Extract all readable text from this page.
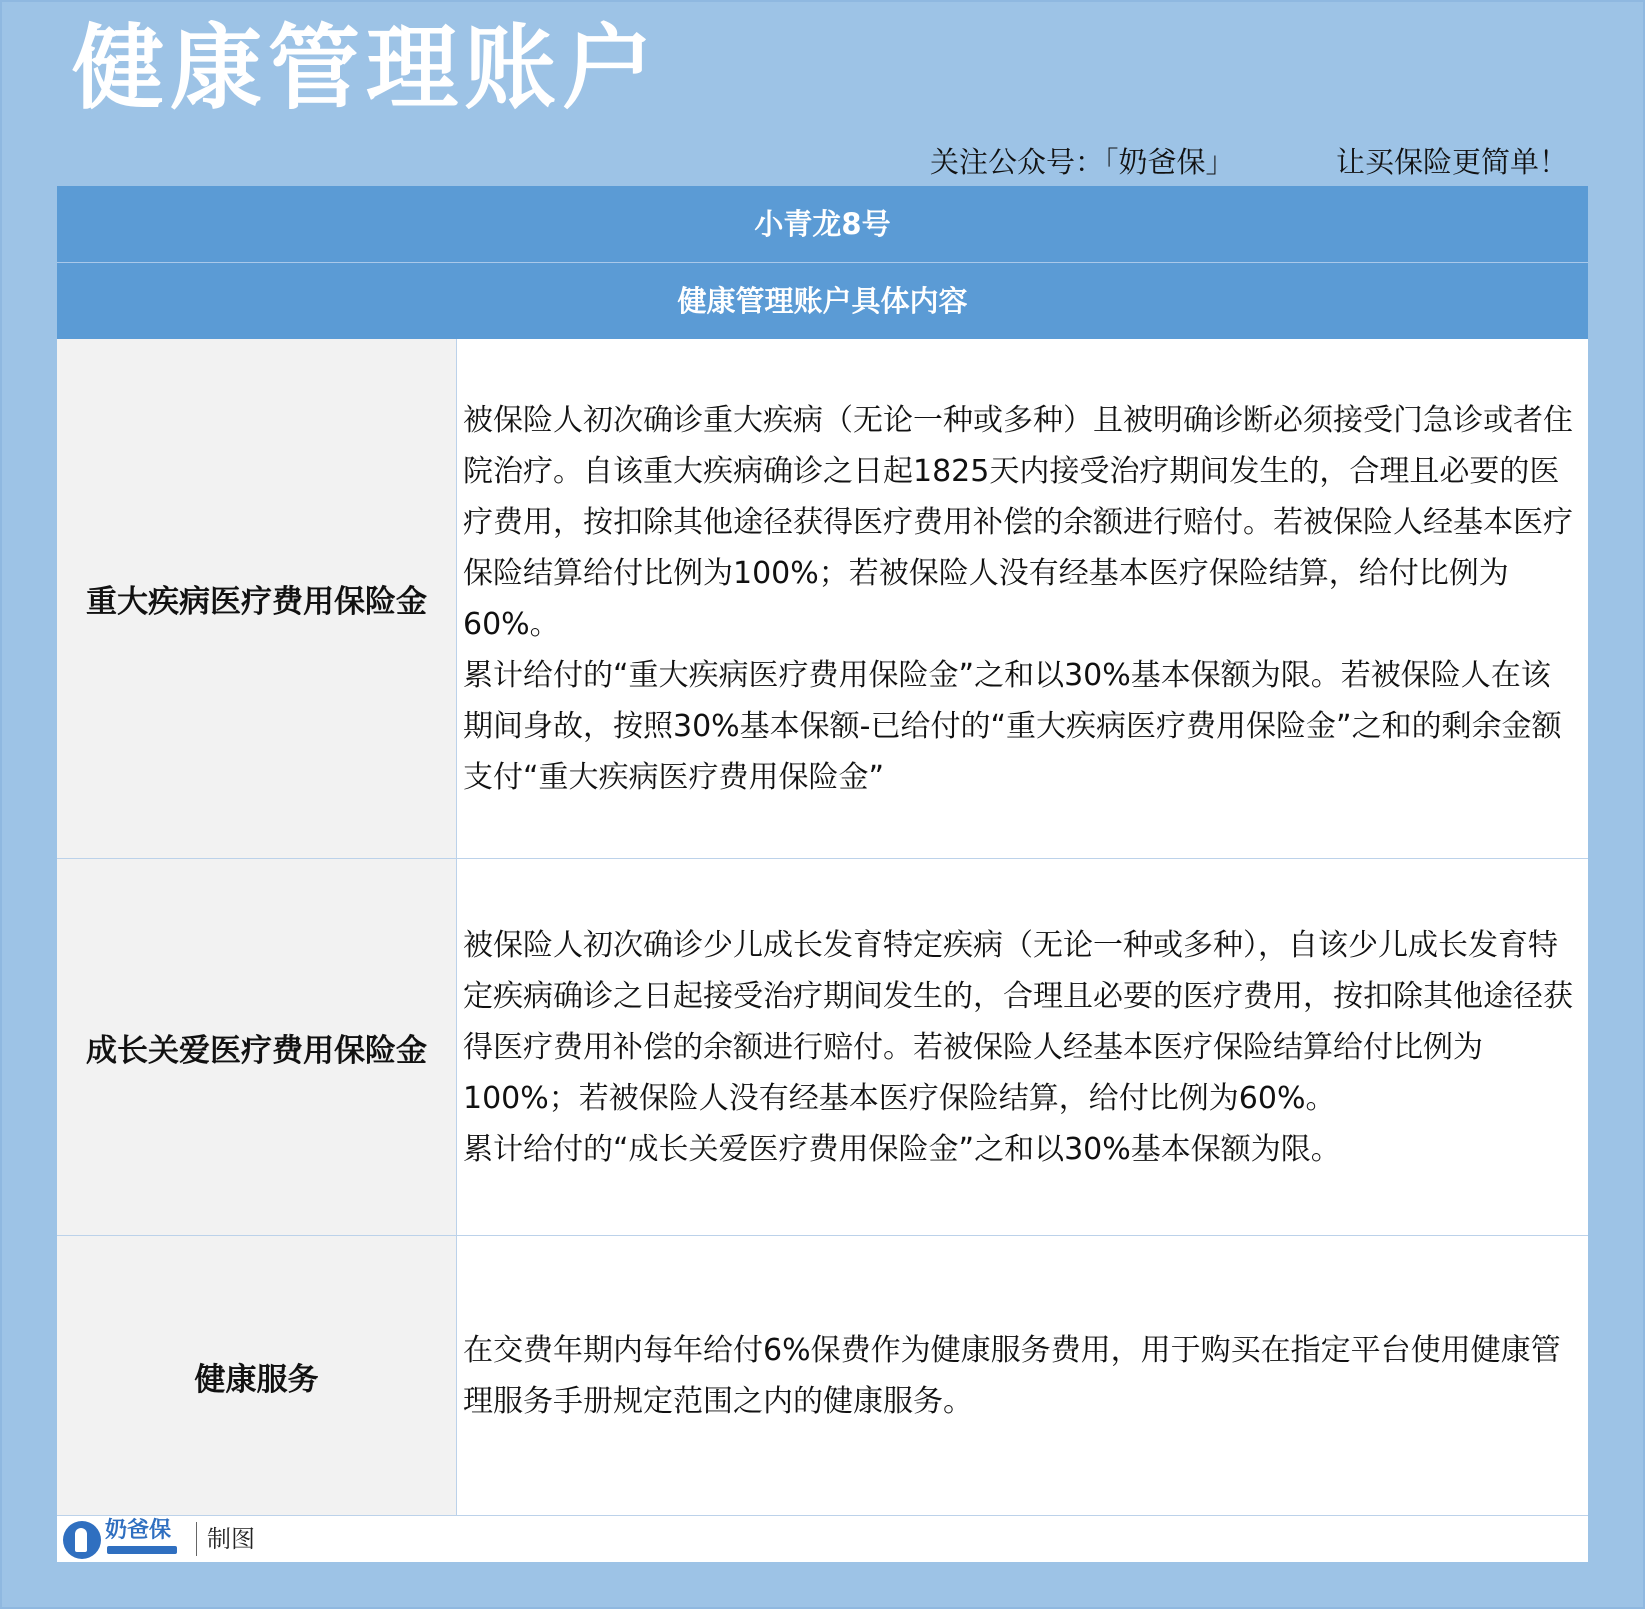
健康管理账户
关注公众号：「奶爸保」	让买保险更简单！
小青龙8号
健康管理账户具体内容
重大疾病医疗费用保险金

被保险人初次确诊重大疾病（无论一种或多种）且被明确诊断必须接受门急诊或者住院治疗。自该重大疾病确诊之日起1825天内接受治疗期间发生的，合理且必要的医疗费用，按扣除其他途径获得医疗费用补偿的余额进行赔付。若被保险人经基本医疗保险结算给付比例为100%；若被保险人没有经基本医疗保险结算，给付比例为60%。

累计给付的“重大疾病医疗费用保险金”之和以30%基本保额为限。若被保险人在该期间身故，按照30%基本保额-已给付的“重大疾病医疗费用保险金”之和的剩余金额支付“重大疾病医疗费用保险金”

成长关爱医疗费用保险金

被保险人初次确诊少儿成长发育特定疾病（无论一种或多种），自该少儿成长发育特定疾病确诊之日起接受治疗期间发生的，合理且必要的医疗费用，按扣除其他途径获得医疗费用补偿的余额进行赔付。若被保险人经基本医疗保险结算给付比例为100%；若被保险人没有经基本医疗保险结算，给付比例为60%。

累计给付的“成长关爱医疗费用保险金”之和以30%基本保额为限。

健康服务

在交费年期内每年给付6%保费作为健康服务费用，用于购买在指定平台使用健康管理服务手册规定范围之内的健康服务。

奶爸保 制图
